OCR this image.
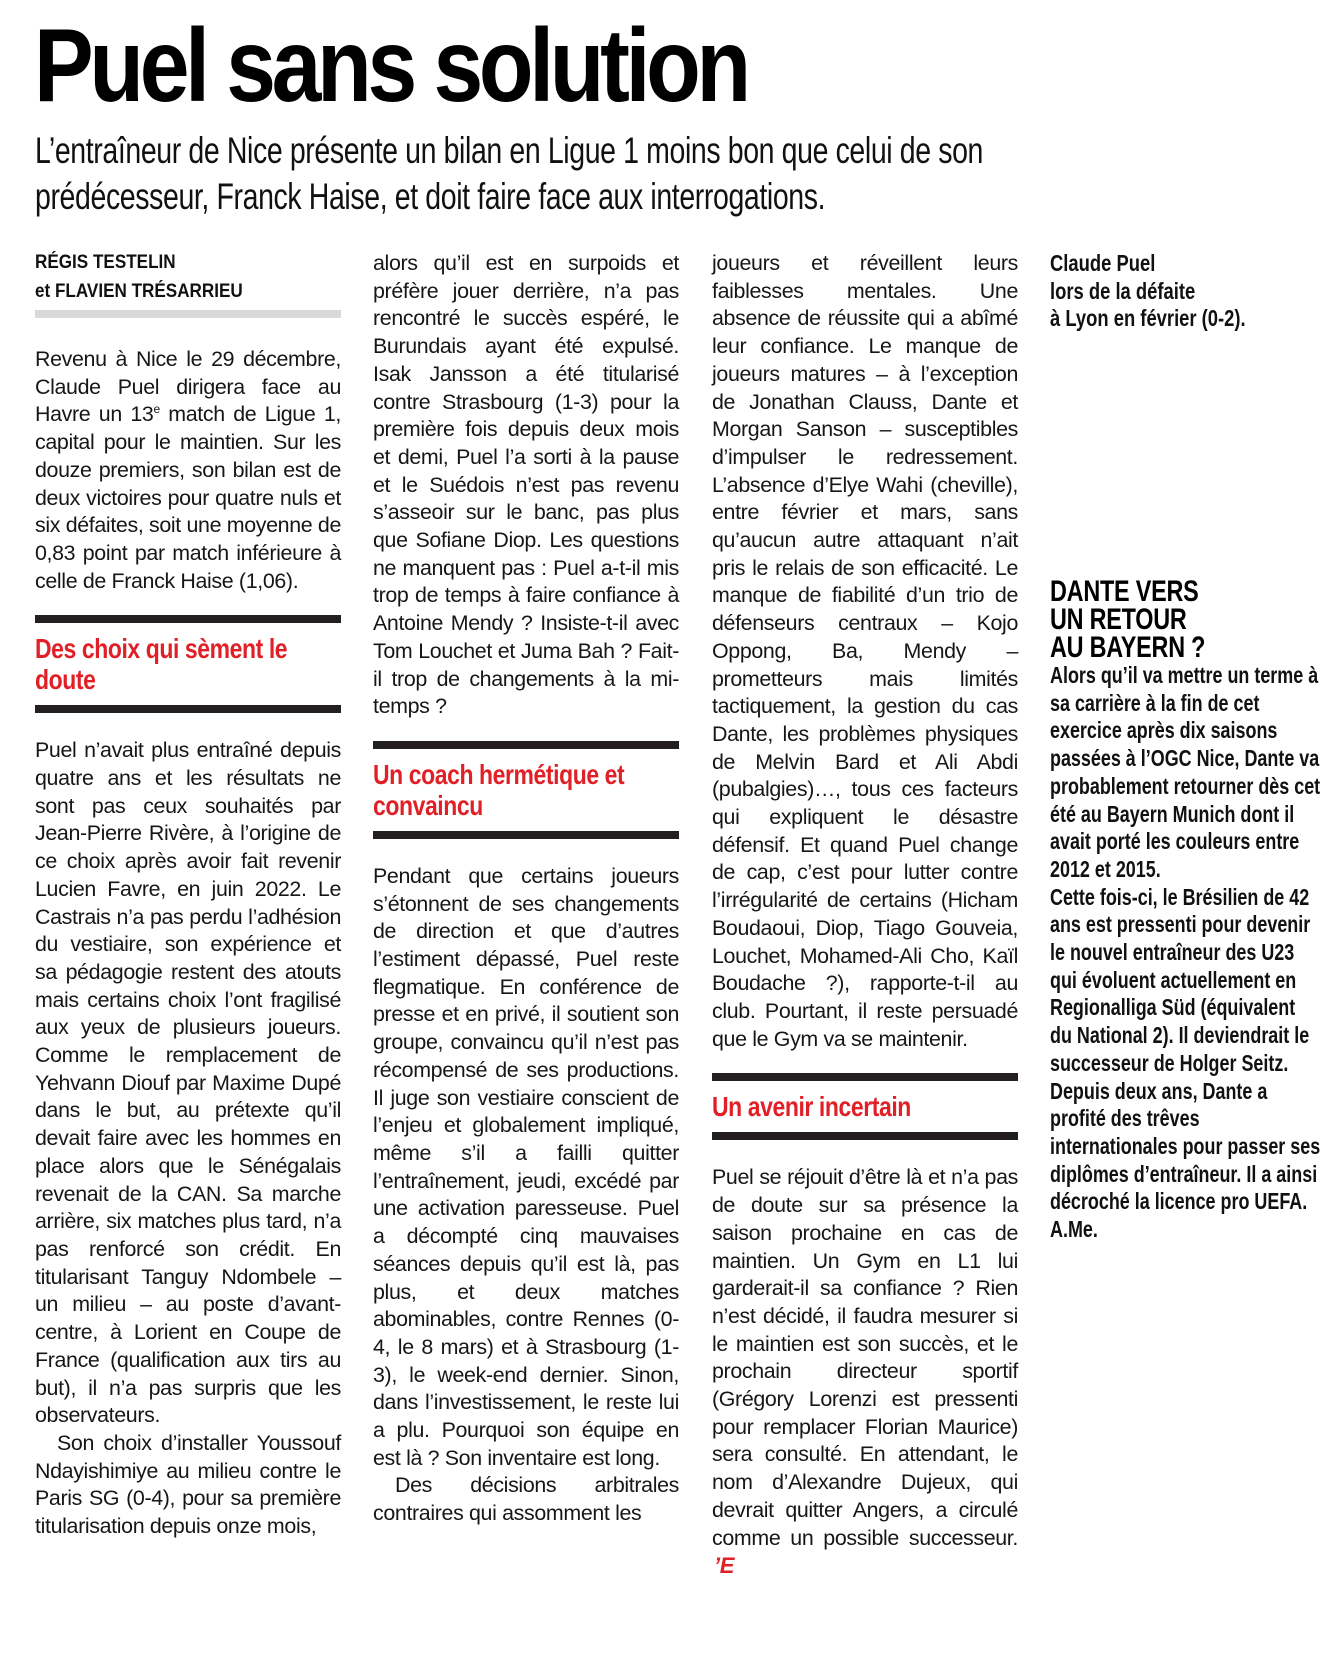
Puel sans solution

L’entraîneur de Nice présente un bilan en Ligue 1 moins bon que celui de son prédécesseur, Franck Haise, et doit faire face aux interrogations.

RÉGIS TESTELIN

et FLAVIEN TRÉSARRIEU

Revenu à Nice le 29 décembre, Claude Puel dirigera face au Havre un 13e match de Ligue 1, capital pour le maintien. Sur les douze premiers, son bilan est de deux victoires pour quatre nuls et six défaites, soit une moyenne de 0,83 point par match inférieure à celle de Franck Haise (1,06).

Des choix qui sèment le doute

Puel n’avait plus entraîné depuis quatre ans et les résultats ne sont pas ceux souhaités par Jean-Pierre Rivère, à l’origine de ce choix après avoir fait revenir Lucien Favre, en juin 2022. Le Castrais n’a pas perdu l’adhésion du vestiaire, son expérience et sa pédagogie restent des atouts mais certains choix l’ont fragilisé aux yeux de plusieurs joueurs. Comme le remplacement de Yehvann Diouf par Maxime Dupé dans le but, au prétexte qu’il devait faire avec les hommes en place alors que le Sénégalais revenait de la CAN. Sa marche arrière, six matches plus tard, n’a pas renforcé son crédit. En titularisant Tanguy Ndombele – un milieu – au poste d’avant-centre, à Lorient en Coupe de France (qualification aux tirs au but), il n’a pas surpris que les observateurs.

Son choix d’installer Youssouf Ndayishimiye au milieu contre le Paris SG (0-4), pour sa première titularisation depuis onze mois,

alors qu’il est en surpoids et préfère jouer derrière, n’a pas rencontré le succès espéré, le Burundais ayant été expulsé. Isak Jansson a été titularisé contre Strasbourg (1-3) pour la première fois depuis deux mois et demi, Puel l’a sorti à la pause et le Suédois n’est pas revenu s’asseoir sur le banc, pas plus que Sofiane Diop. Les questions ne manquent pas : Puel a-t-il mis trop de temps à faire confiance à Antoine Mendy ? Insiste-t-il avec Tom Louchet et Juma Bah ? Fait-il trop de changements à la mi-temps ?

Un coach hermétique et convaincu

Pendant que certains joueurs s’étonnent de ses changements de direction et que d’autres l’estiment dépassé, Puel reste flegmatique. En conférence de presse et en privé, il soutient son groupe, convaincu qu’il n’est pas récompensé de ses productions. Il juge son vestiaire conscient de l’enjeu et globalement impliqué, même s’il a failli quitter l’entraînement, jeudi, excédé par une activation paresseuse. Puel a décompté cinq mauvaises séances depuis qu’il est là, pas plus, et deux matches abominables, contre Rennes (0-4, le 8 mars) et à Strasbourg (1-3), le week-end dernier. Sinon, dans l’investissement, le reste lui a plu. Pourquoi son équipe en est là ? Son inventaire est long.

Des décisions arbitrales contraires qui assomment les

joueurs et réveillent leurs faiblesses mentales. Une absence de réussite qui a abîmé leur confiance. Le manque de joueurs matures – à l’exception de Jonathan Clauss, Dante et Morgan Sanson – susceptibles d’impulser le redressement. L’absence d’Elye Wahi (cheville), entre février et mars, sans qu’aucun autre attaquant n’ait pris le relais de son efficacité. Le manque de fiabilité d’un trio de défenseurs centraux – Kojo Oppong, Ba, Mendy – prometteurs mais limités tactiquement, la gestion du cas Dante, les problèmes physiques de Melvin Bard et Ali Abdi (pubalgies)…, tous ces facteurs qui expliquent le désastre défensif. Et quand Puel change de cap, c’est pour lutter contre l’irrégularité de certains (Hicham Boudaoui, Diop, Tiago Gouveia, Louchet, Mohamed-Ali Cho, Kaïl Boudache ?), rapporte-t-il au club. Pourtant, il reste persuadé que le Gym va se maintenir.

Un avenir incertain

Puel se réjouit d’être là et n’a pas de doute sur sa présence la saison prochaine en cas de maintien. Un Gym en L1 lui garderait-il sa confiance ? Rien n’est décidé, il faudra mesurer si le maintien est son succès, et le prochain directeur sportif (Grégory Lorenzi est pressenti pour remplacer Florian Maurice) sera consulté. En attendant, le nom d’Alexandre Dujeux, qui devrait quitter Angers, a circulé comme un possible successeur.’E

Claude Puel

lors de la défaite

à Lyon en février (0-2).

DANTE VERS
UN RETOUR
AU BAYERN ?

Alors qu’il va mettre un terme à sa carrière à la fin de cet exercice après dix saisons passées à l’OGC Nice, Dante va probablement retourner dès cet été au Bayern Munich dont il avait porté les couleurs entre 2012 et 2015.

Cette fois-ci, le Brésilien de 42 ans est pressenti pour devenir le nouvel entraîneur des U23 qui évoluent actuellement en Regionalliga Süd (équivalent du National 2). Il deviendrait le successeur de Holger Seitz. Depuis deux ans, Dante a profité des trêves internationales pour passer ses diplômes d’entraîneur. Il a ainsi décroché la licence pro UEFA. A.Me.
